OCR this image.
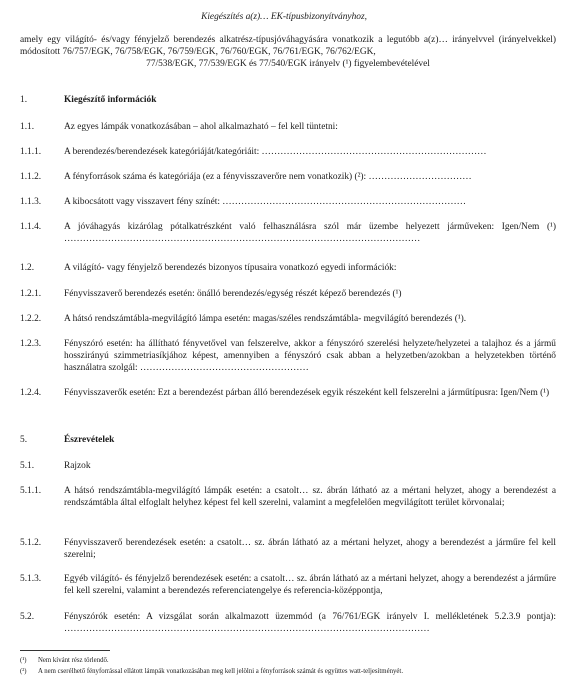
Kiegészítés a(z)… EK-típusbizonyítványhoz,
amely egy világító- és/vagy fényjelző berendezés alkatrész-típusjóváhagyására vonatkozik a legutóbb a(z)… irányelvvel (irányelvekkel) módosított 76/757/EGK, 76/758/EGK, 76/759/EGK, 76/760/EGK, 76/761/EGK, 76/762/EGK,
77/538/EGK, 77/539/EGK és 77/540/EGK irányelv (¹) figyelembevételével
1.	Kiegészítő információk
1.1.	Az egyes lámpák vonatkozásában – ahol alkalmazható – fel kell tüntetni:
1.1.1.	A berendezés/berendezések kategóriáját/kategóriáit: ………………………………………………………………
1.1.2.	A fényforrások száma és kategóriája (ez a fényvisszaverőre nem vonatkozik) (²): ……………………………
1.1.3.	A kibocsátott vagy visszavert fény színét: ……………………………………………………………………
1.1.4.	A jóváhagyás kizárólag pótalkatrészként való felhasználásra szól már üzembe helyezett járműveken: Igen/Nem (¹) ……………………………………………………………………………………………………
1.2.	A világító- vagy fényjelző berendezés bizonyos típusaira vonatkozó egyedi információk:
1.2.1.	Fényvisszaverő berendezés esetén: önálló berendezés/egység részét képező berendezés (¹)
1.2.2.	A hátsó rendszámtábla-megvilágító lámpa esetén: magas/széles rendszámtábla- megvilágító berendezés (¹).
1.2.3.	Fényszóró esetén: ha állítható fényvetővel van felszerelve, akkor a fényszóró szerelési helyzete/helyzetei a talajhoz és a jármű hosszirányú szimmetriasíkjához képest, amennyiben a fényszóró csak abban a helyzetben/azokban a helyzetekben történő használatra szolgál: ………………………………………………
1.2.4.	Fényvisszaverők esetén: Ezt a berendezést párban álló berendezések egyik részeként kell felszerelni a járműtípusra: Igen/Nem (¹)
5.	Észrevételek
5.1.	Rajzok
5.1.1.	A hátsó rendszámtábla-megvilágító lámpák esetén: a csatolt… sz. ábrán látható az a mértani helyzet, ahogy a berendezést a rendszámtábla által elfoglalt helyhez képest fel kell szerelni, valamint a megfelelően megvilágított terület körvonalai;
5.1.2.	Fényvisszaverő berendezések esetén: a csatolt… sz. ábrán látható az a mértani helyzet, ahogy a berendezést a járműre fel kell szerelni;
5.1.3.	Egyéb világító- és fényjelző berendezések esetén: a csatolt… sz. ábrán látható az a mértani helyzet, ahogy a berendezést a járműre fel kell szerelni, valamint a berendezés referenciatengelye és referencia-középpontja,
5.2.	Fényszórók esetén: A vizsgálat során alkalmazott üzemmód (a 76/761/EGK irányelv I. mellékletének 5.2.3.9 pontja): ………………………………………………………………………………………………………
(¹) Nem kívánt rész törlendő.
(²) A nem cserélhető fényforrással ellátott lámpák vonatkozásában meg kell jelölni a fényforrások számát és együttes watt-teljesítményét.
